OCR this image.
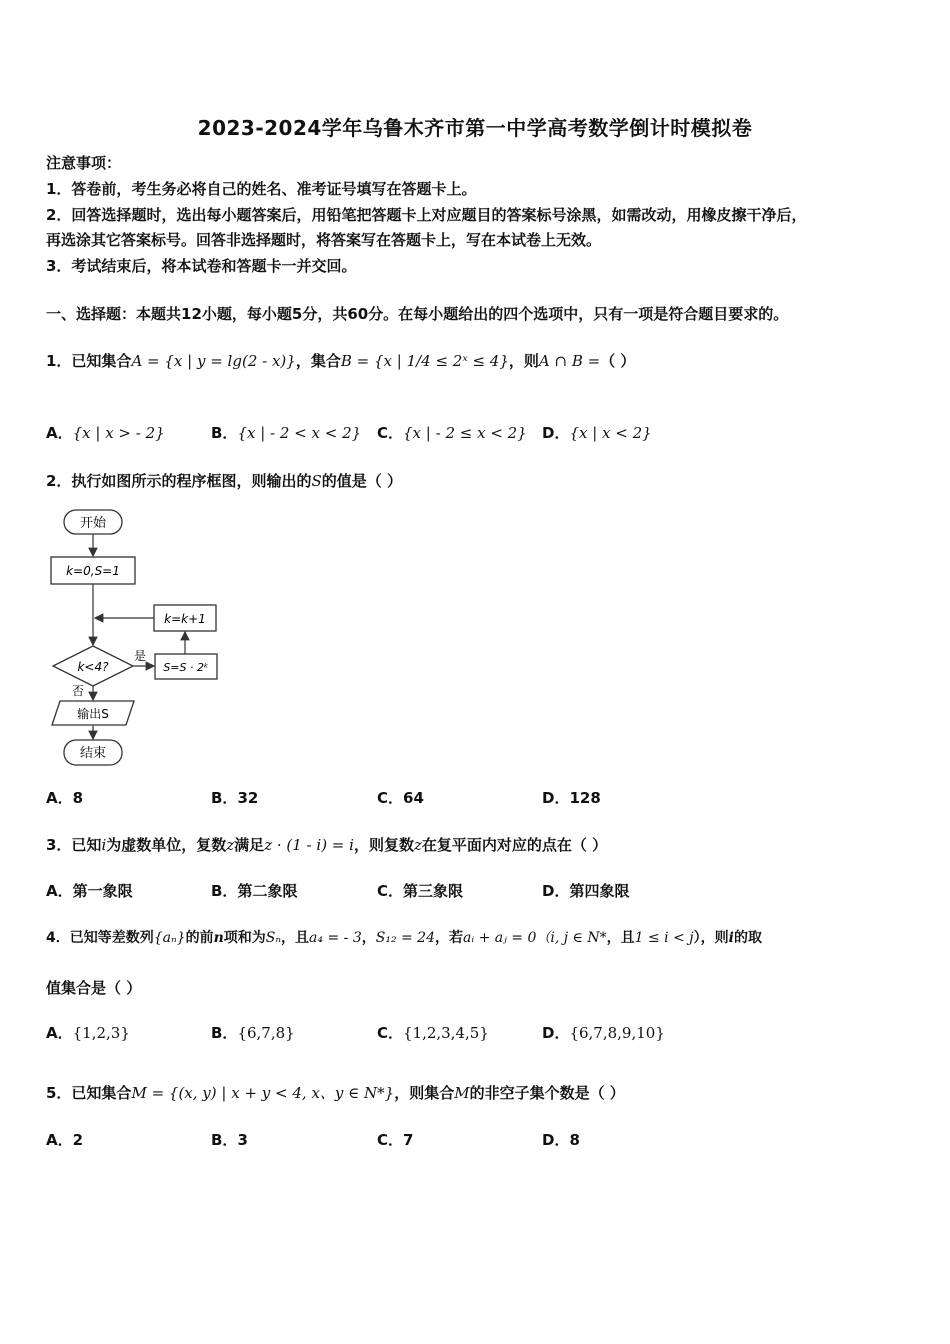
2023-2024学年乌鲁木齐市第一中学高考数学倒计时模拟卷
注意事项：
1．答卷前，考生务必将自己的姓名、准考证号填写在答题卡上。
2．回答选择题时，选出每小题答案后，用铅笔把答题卡上对应题目的答案标号涂黑，如需改动，用橡皮擦干净后，
再选涂其它答案标号。回答非选择题时，将答案写在答题卡上，写在本试卷上无效。
3．考试结束后，将本试卷和答题卡一并交回。
一、选择题：本题共12小题，每小题5分，共60分。在每小题给出的四个选项中，只有一项是符合题目要求的。
1．已知集合A = {x | y = lg(2 - x)}，集合B = {x | 1/4 ≤ 2ˣ ≤ 4}，则A ∩ B =（ ）
A．{x | x > - 2}	B．{x | - 2 < x < 2} C．{x | - 2 ≤ x < 2} D．{x | x < 2}
2．执行如图所示的程序框图，则输出的S的值是（ ）
开始
k=0,S=1
k=k+1
k<4?
是
S=S · 2ᵏ
否
输出S
结束
A．8	B．32	C．64	D．128
3．已知i为虚数单位，复数z满足z · (1 - i) = i，则复数z在复平面内对应的点在（ ）
A．第一象限	B．第二象限	C．第三象限	D．第四象限
4．已知等差数列{aₙ}的前n项和为Sₙ，且a₄ = - 3，S₁₂ = 24，若aᵢ + aⱼ = 0（i, j ∈ N*，且1 ≤ i < j），则i的取
值集合是（ ）
A．{1,2,3}	B．{6,7,8}	C．{1,2,3,4,5}	D．{6,7,8,9,10}
5．已知集合M = {(x, y) | x + y < 4, x、y ∈ N*}，则集合M的非空子集个数是（ ）
A．2	B．3	C．7	D．8
